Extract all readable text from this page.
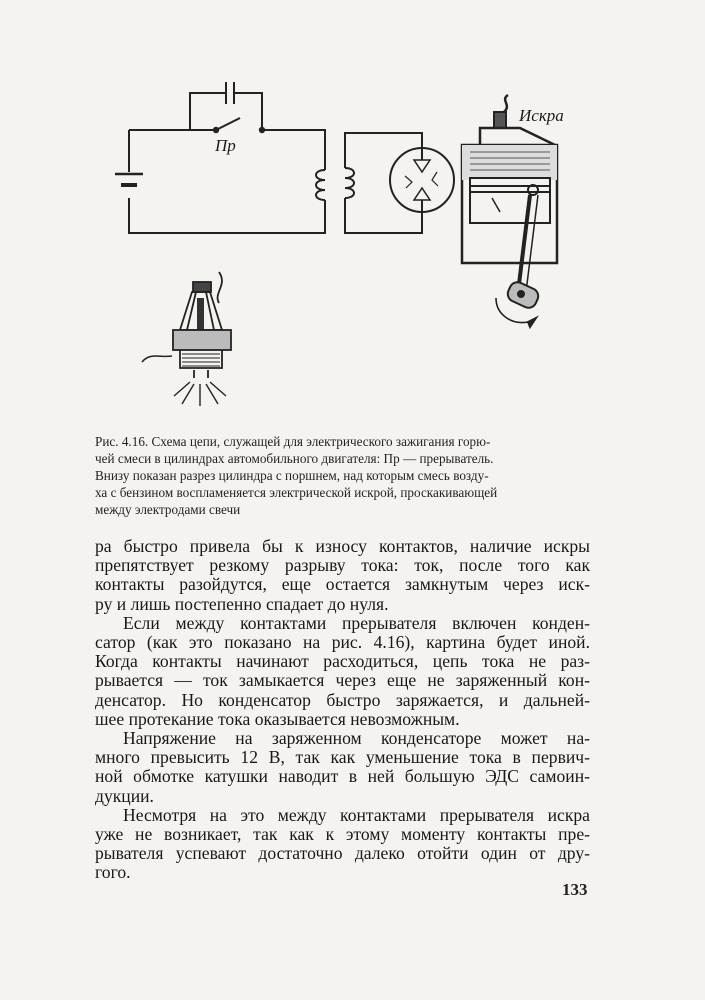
Пр
Искра
Рис. 4.16. Схема цепи, служащей для электрического зажигания горю-
чей смеси в цилиндрах автомобильного двигателя: Пр — прерыватель.
Внизу показан разрез цилиндра с поршнем, над которым смесь возду-
ха с бензином воспламеняется электрической искрой, проскакивающей
между электродами свечи
ра быстро привела бы к износу контактов, наличие искры
препятствует резкому разрыву тока: ток, после того как
контакты разойдутся, еще остается замкнутым через иск-
ру и лишь постепенно спадает до нуля.
Если между контактами прерывателя включен конден-
сатор (как это показано на рис. 4.16), картина будет иной.
Когда контакты начинают расходиться, цепь тока не раз-
рывается — ток замыкается через еще не заряженный кон-
денсатор. Но конденсатор быстро заряжается, и дальней-
шее протекание тока оказывается невозможным.
Напряжение на заряженном конденсаторе может на-
много превысить 12 В, так как уменьшение тока в первич-
ной обмотке катушки наводит в ней большую ЭДС самоин-
дукции.
Несмотря на это между контактами прерывателя искра
уже не возникает, так как к этому моменту контакты пре-
рывателя успевают достаточно далеко отойти один от дру-
гого.
133
